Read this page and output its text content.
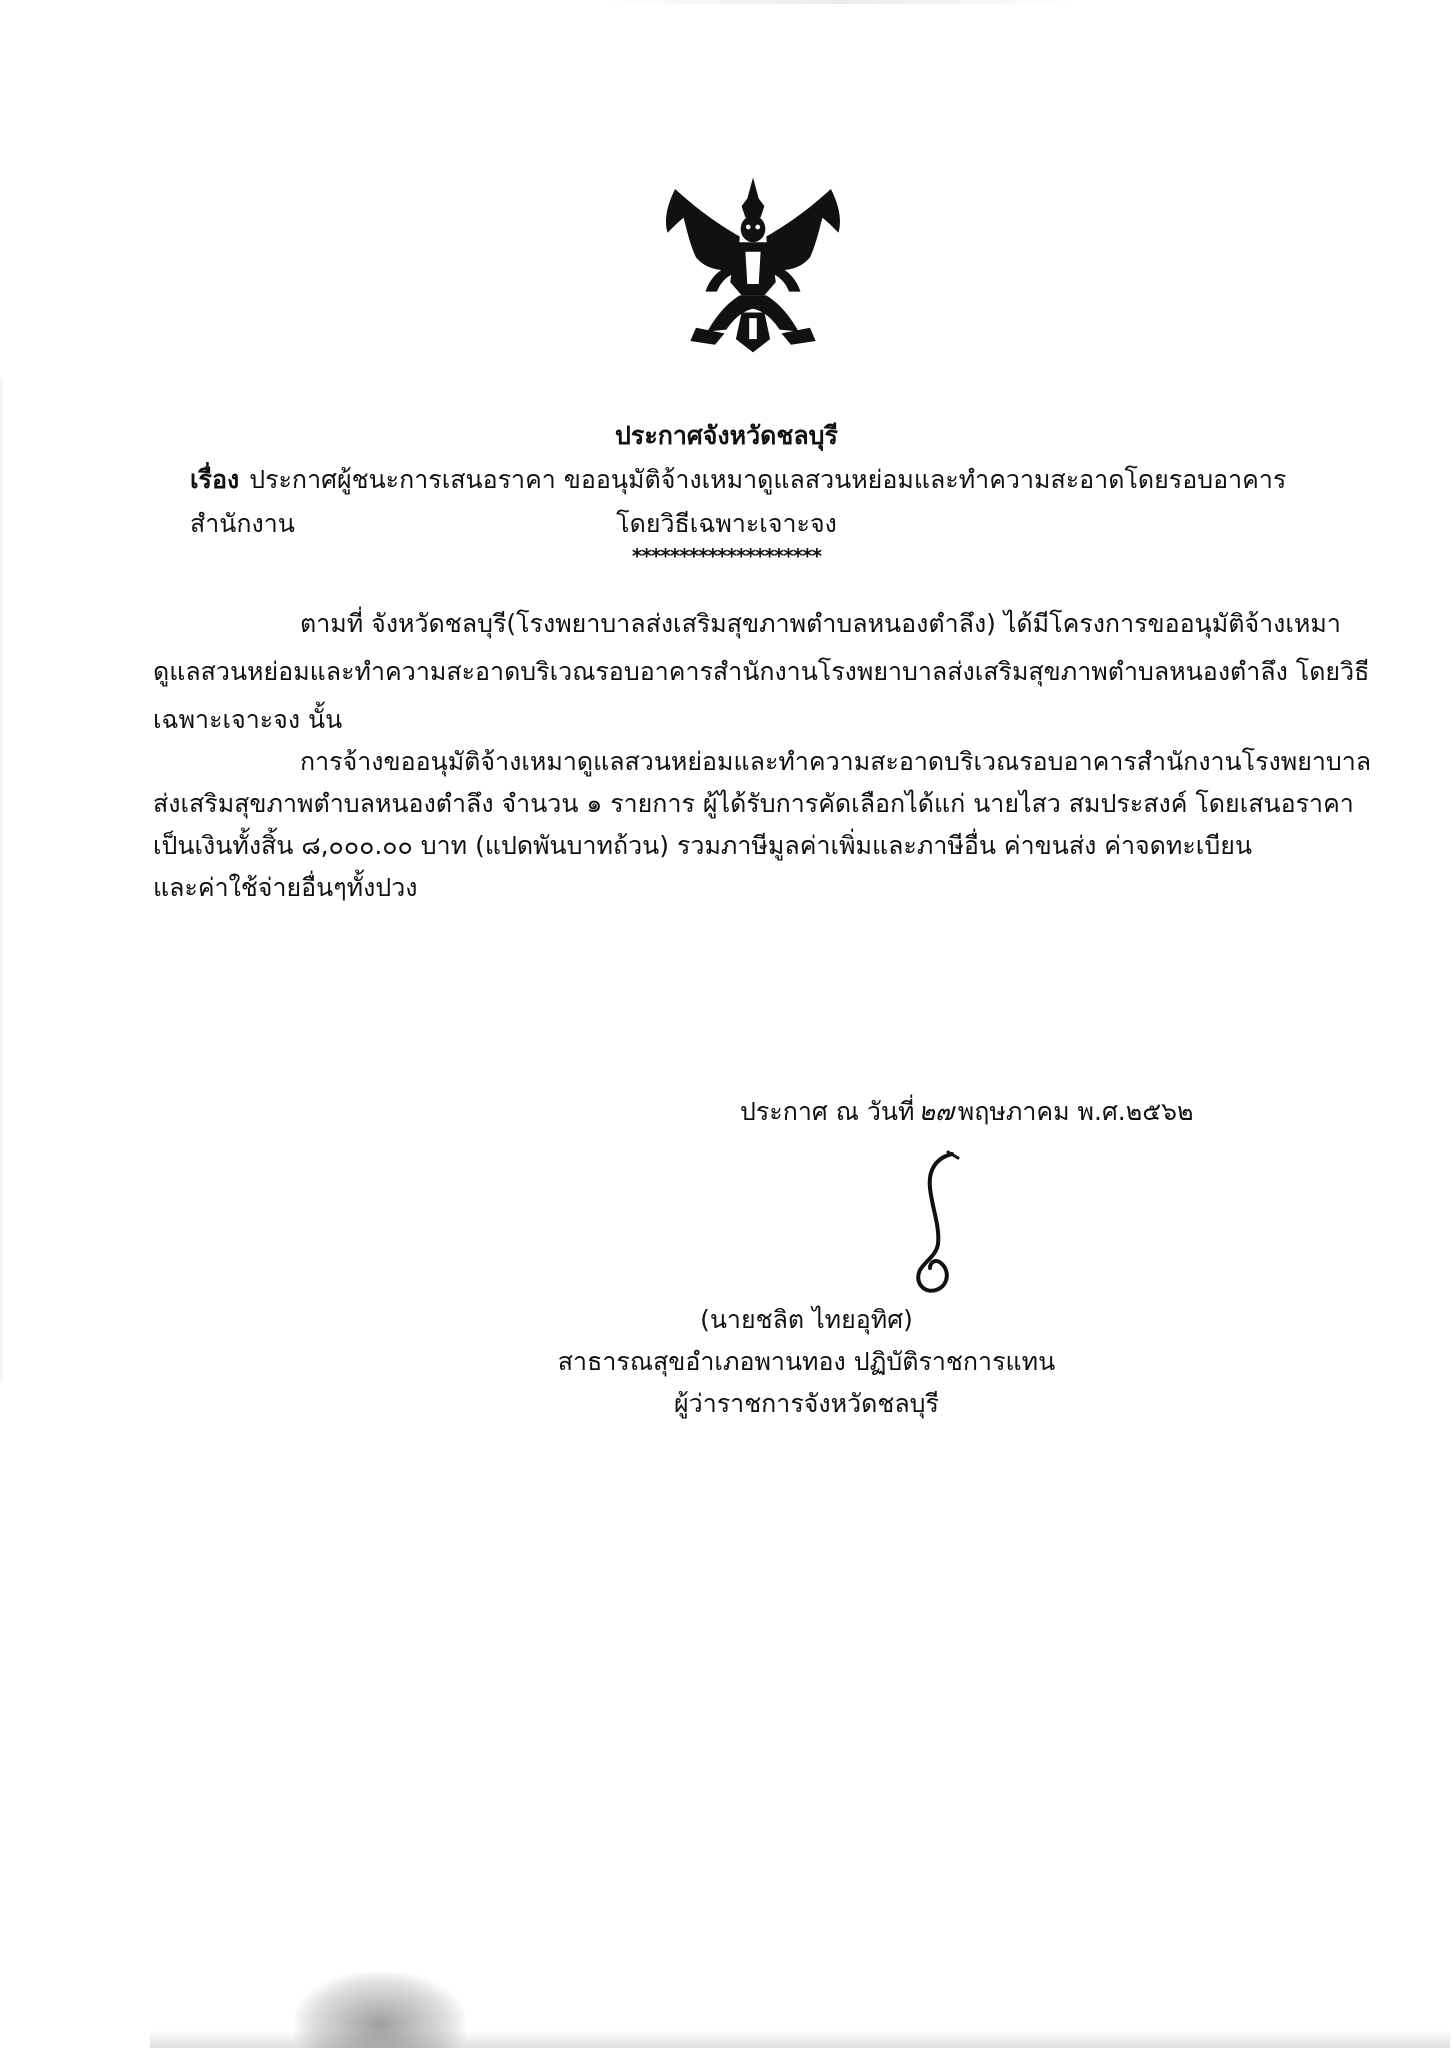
ประกาศจังหวัดชลบุรี
เรื่อง ประกาศผู้ชนะการเสนอราคา ขออนุมัติจ้างเหมาดูแลสวนหย่อมและทำความสะอาดโดยรอบอาคารสำนักงาน	โดยวิธีเฉพาะเจาะจง
********************
ตามที่ จังหวัดชลบุรี(โรงพยาบาลส่งเสริมสุขภาพตำบลหนองตำลึง) ได้มีโครงการขออนุมัติจ้างเหมา
ดูแลสวนหย่อมและทำความสะอาดบริเวณรอบอาคารสำนักงานโรงพยาบาลส่งเสริมสุขภาพตำบลหนองตำลึง โดยวิธี
เฉพาะเจาะจง นั้น
การจ้างขออนุมัติจ้างเหมาดูแลสวนหย่อมและทำความสะอาดบริเวณรอบอาคารสำนักงานโรงพยาบาล
ส่งเสริมสุขภาพตำบลหนองตำลึง จำนวน ๑ รายการ ผู้ได้รับการคัดเลือกได้แก่ นายไสว สมประสงค์ โดยเสนอราคา
เป็นเงินทั้งสิ้น ๘,๐๐๐.๐๐ บาท (แปดพันบาทถ้วน) รวมภาษีมูลค่าเพิ่มและภาษีอื่น ค่าขนส่ง ค่าจดทะเบียน
และค่าใช้จ่ายอื่นๆทั้งปวง
ประกาศ ณ วันที่ ๒๗ พฤษภาคม พ.ศ.๒๕๖๒
(นายชลิต ไทยอุทิศ)
สาธารณสุขอำเภอพานทอง ปฏิบัติราชการแทน
ผู้ว่าราชการจังหวัดชลบุรี
